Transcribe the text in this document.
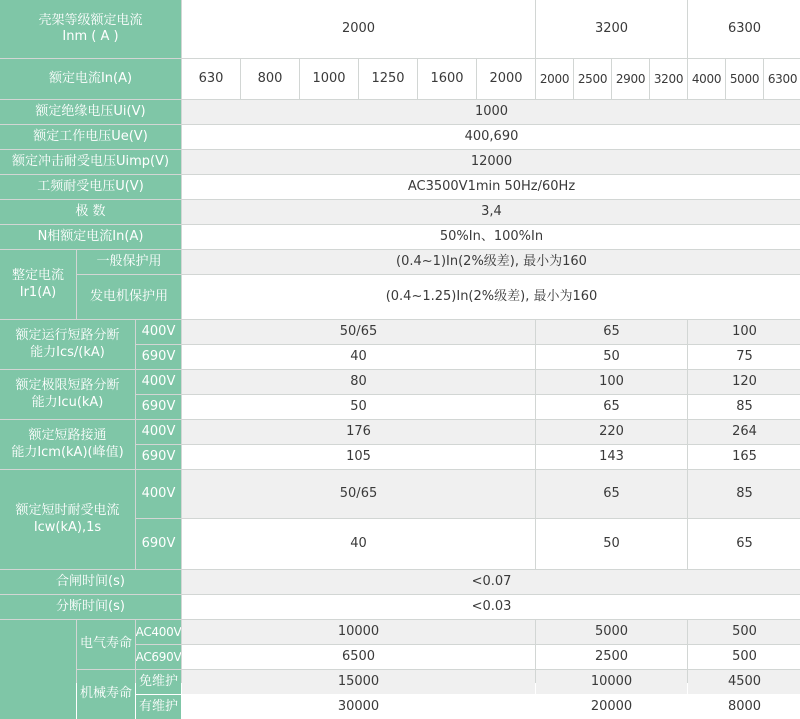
壳架等级额定电流
Inm ( A )
2000	3200	6300
额定电流In(A)	630	800	1000	1250	1600	2000	2000 2500 2900 3200 4000 5000 6300
额定绝缘电压Ui(V)	1000
额定工作电压Ue(V)	400,690
额定冲击耐受电压Uimp(V)	12000
工频耐受电压U(V)	AC3500V1min 50Hz/60Hz
极 数	3,4
N相额定电流In(A)	50%In、100%In
整定电流
Ir1(A)
一般保护用	(0.4~1)In(2%级差), 最小为160
发电机保护用	(0.4~1.25)In(2%级差), 最小为160
额定运行短路分断
能力Ics/(kA)
400V	50/65	65	100
690V	40	50	75
额定极限短路分断
能力Icu(kA)
400V	80	100	120
690V	50	65	85
额定短路接通
能力Icm(kA)(峰值)
400V	176	220	264
690V	105	143	165
额定短时耐受电流
Icw(kA),1s
400V	50/65	65	85
690V	40	50	65
合闸时间(s)	<0.07
分断时间(s)	<0.03
电气寿命
AC400V	10000	5000	500
AC690V	6500	2500	500
机械寿命
免维护	15000	10000	4500
有维护	30000	20000	8000
